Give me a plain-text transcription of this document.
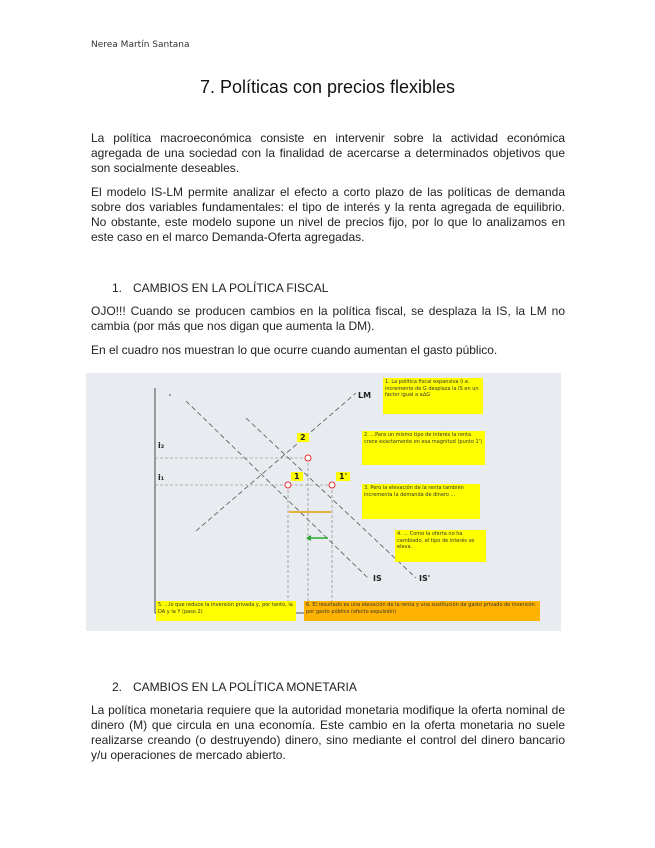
Nerea Martín Santana
7. Políticas con precios flexibles

La política macroeconómica consiste en intervenir sobre la actividad económica agregada de una sociedad con la finalidad de acercarse a determinados objetivos que son socialmente deseables.

El modelo IS-LM permite analizar el efecto a corto plazo de las políticas de demanda sobre dos variables fundamentales: el tipo de interés y la renta agregada de equilibrio. No obstante, este modelo supone un nivel de precios fijo, por lo que lo analizamos en este caso en el marco Demanda-Oferta agregadas.

1. CAMBIOS EN LA POLÍTICA FISCAL

OJO!!! Cuando se producen cambios en la política fiscal, se desplaza la IS, la LM no cambia (por más que nos digan que aumenta la DM).

En el cuadro nos muestran lo que ocurre cuando aumentan el gasto público.

i₂
i₁
LM
IS	IS'
2
1	1'
1. La política fiscal expansiva (i.e. incremento de G desplaza la IS en un factor igual a α∆G
2. ...Para un mismo tipo de interés la renta crece exactamente en esa magnitud (punto 1')
3. Pero la elevación de la renta también incrementa la demanda de dinero ...
4. ... Como la oferta no ha cambiado, el tipo de interés se eleva.
5. ...lo que reduce la inversión privada y, por tanto, la DA y la Y (paso 2)
6. El resultado es una elevación de la renta y una sustitución de gasto privado de inversión por gasto público (efecto expulsión)
2. CAMBIOS EN LA POLÍTICA MONETARIA

La política monetaria requiere que la autoridad monetaria modifique la oferta nominal de dinero (M) que circula en una economía. Este cambio en la oferta monetaria no suele realizarse creando (o destruyendo) dinero, sino mediante el control del dinero bancario y/u operaciones de mercado abierto.
